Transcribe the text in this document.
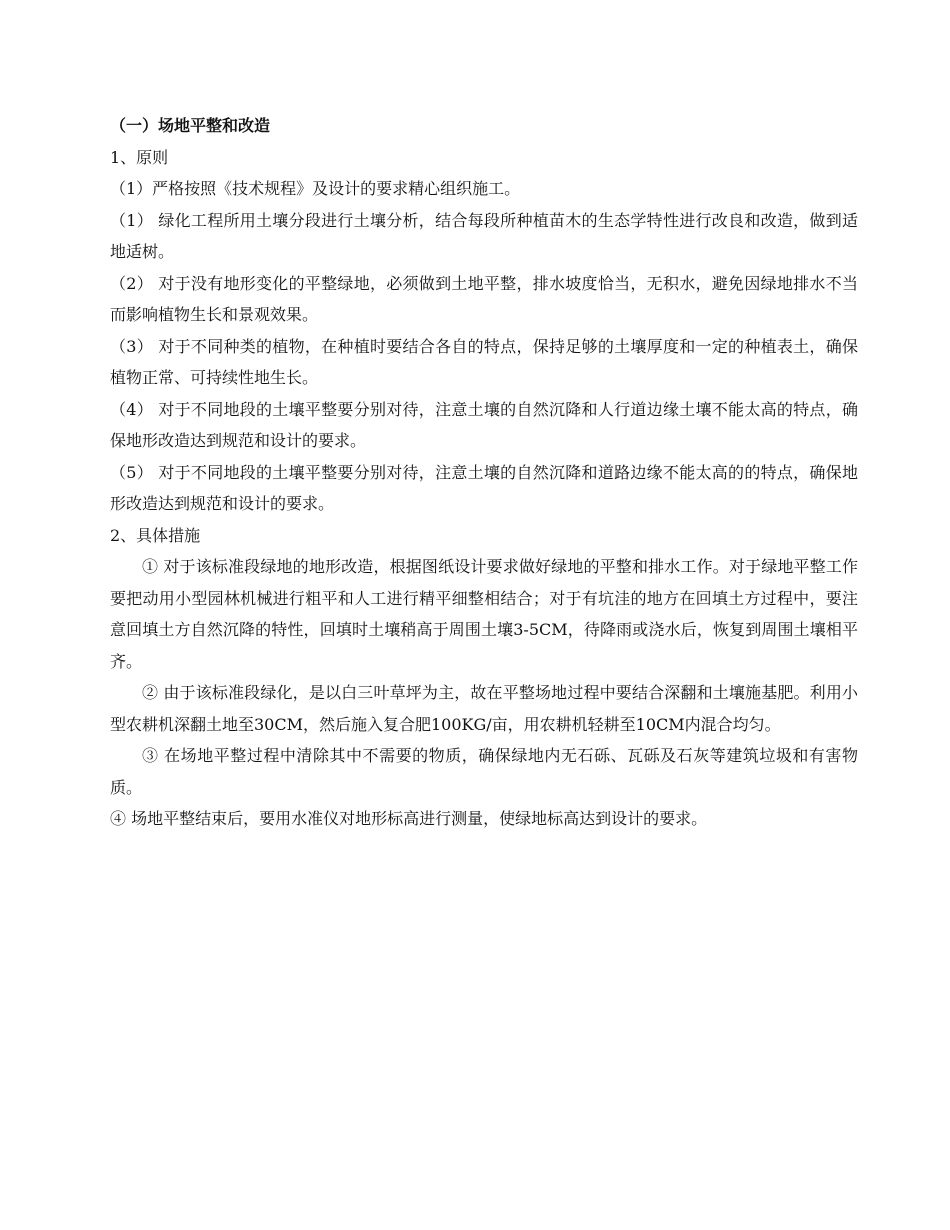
（一）场地平整和改造

1、原则

（1）严格按照《技术规程》及设计的要求精心组织施工。

（1） 绿化工程所用土壤分段进行土壤分析，结合每段所种植苗木的生态学特性进行改良和改造，做到适地适树。

（2） 对于没有地形变化的平整绿地，必须做到土地平整，排水坡度恰当，无积水，避免因绿地排水不当而影响植物生长和景观效果。

（3） 对于不同种类的植物，在种植时要结合各自的特点，保持足够的土壤厚度和一定的种植表土，确保植物正常、可持续性地生长。

（4） 对于不同地段的土壤平整要分别对待，注意土壤的自然沉降和人行道边缘土壤不能太高的特点，确保地形改造达到规范和设计的要求。

（5） 对于不同地段的土壤平整要分别对待，注意土壤的自然沉降和道路边缘不能太高的的特点，确保地形改造达到规范和设计的要求。

2、具体措施

① 对于该标准段绿地的地形改造，根据图纸设计要求做好绿地的平整和排水工作。对于绿地平整工作要把动用小型园林机械进行粗平和人工进行精平细整相结合；对于有坑洼的地方在回填土方过程中，要注意回填土方自然沉降的特性，回填时土壤稍高于周围土壤3-5CM，待降雨或浇水后，恢复到周围土壤相平齐。

② 由于该标准段绿化，是以白三叶草坪为主，故在平整场地过程中要结合深翻和土壤施基肥。利用小型农耕机深翻土地至30CM，然后施入复合肥100KG/亩，用农耕机轻耕至10CM内混合均匀。

③ 在场地平整过程中清除其中不需要的物质，确保绿地内无石砾、瓦砾及石灰等建筑垃圾和有害物质。

④ 场地平整结束后，要用水准仪对地形标高进行测量，使绿地标高达到设计的要求。
